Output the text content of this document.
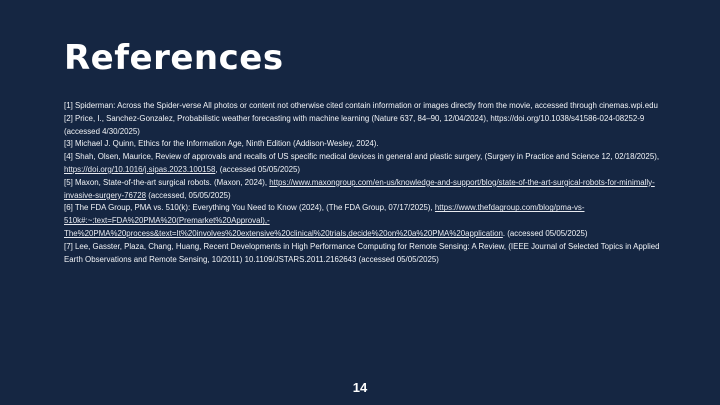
References

[1] Spiderman: Across the Spider-verse All photos or content not otherwise cited contain information or images directly from the movie, accessed through cinemas.wpi.edu

[2] Price, I., Sanchez-Gonzalez, Probabilistic weather forecasting with machine learning (Nature 637, 84–90, 12/04/2024), https://doi.org/10.1038/s41586-024-08252-9 (accessed 4/30/2025)

[3] Michael J. Quinn, Ethics for the Information Age, Ninth Edition (Addison-Wesley, 2024).

[4] Shah, Olsen, Maurice, Review of approvals and recalls of US specific medical devices in general and plastic surgery, (Surgery in Practice and Science 12, 02/18/2025), https://doi.org/10.1016/j.sipas.2023.100158, (accessed 05/05/2025)

[5] Maxon, State-of-the-art surgical robots. (Maxon, 2024), https://www.maxongroup.com/en-us/knowledge-and-support/blog/state-of-the-art-surgical-robots-for-minimally-invasive-surgery-76728 (accessed, 05/05/2025)

[6] The FDA Group, PMA vs. 510(k): Everything You Need to Know (2024), (The FDA Group, 07/17/2025), https://www.thefdagroup.com/blog/pma-vs-510k#:~:text=FDA%20PMA%20(Premarket%20Approval),-The%20PMA%20process&text=It%20involves%20extensive%20clinical%20trials,decide%20on%20a%20PMA%20application. (accessed 05/05/2025)

[7] Lee, Gasster, Plaza, Chang, Huang, Recent Developments in High Performance Computing for Remote Sensing: A Review, (IEEE Journal of Selected Topics in Applied Earth Observations and Remote Sensing, 10/2011) 10.1109/JSTARS.2011.2162643 (accessed 05/05/2025)

14
